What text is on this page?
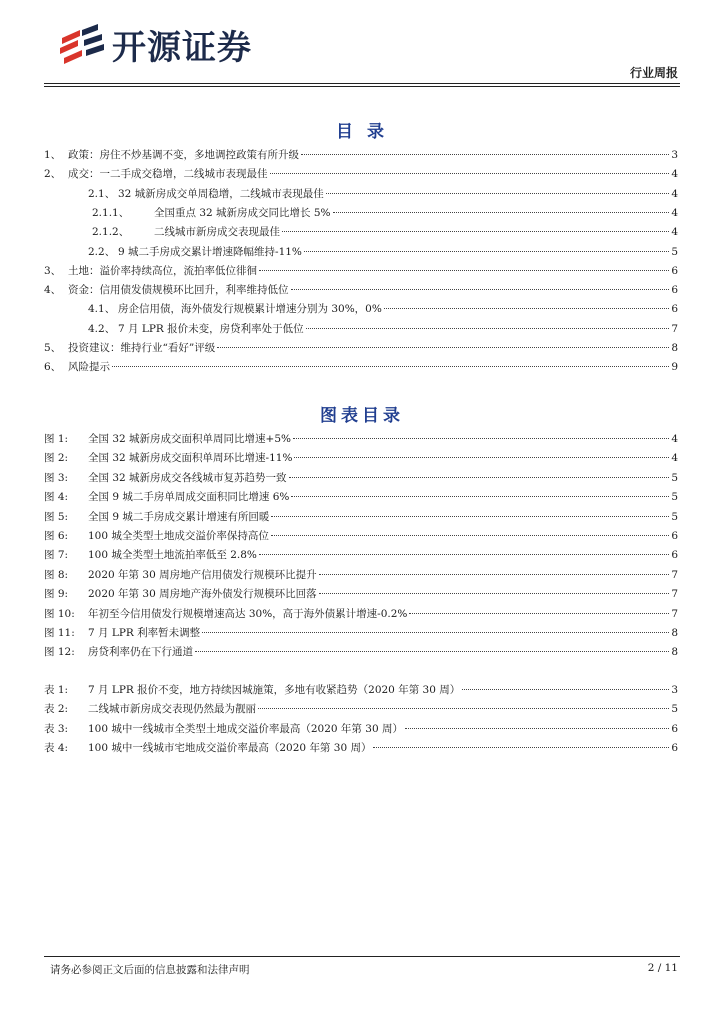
开源证券
行业周报
目 录
1、 政策：房住不炒基调不变，多地调控政策有所升级	3
2、 成交：一二手成交稳增，二线城市表现最佳	4
2.1、 32 城新房成交单周稳增，二线城市表现最佳	4
2.1.1、	全国重点 32 城新房成交同比增长 5%	4
2.1.2、	二线城市新房成交表现最佳	4
2.2、 9 城二手房成交累计增速降幅维持-11%	5
3、 土地：溢价率持续高位，流拍率低位徘徊	6
4、 资金：信用债发债规模环比回升，利率维持低位	6
4.1、 房企信用债，海外债发行规模累计增速分别为 30%，0%	6
4.2、 7 月 LPR 报价未变，房贷利率处于低位	7
5、 投资建议：维持行业“看好”评级	8
6、 风险提示	9
图表目录
图 1:	全国 32 城新房成交面积单周同比增速+5%	4
图 2:	全国 32 城新房成交面积单周环比增速-11%	4
图 3:	全国 32 城新房成交各线城市复苏趋势一致	5
图 4:	全国 9 城二手房单周成交面积同比增速 6%	5
图 5:	全国 9 城二手房成交累计增速有所回暖	5
图 6:	100 城全类型土地成交溢价率保持高位	6
图 7:	100 城全类型土地流拍率低至 2.8%	6
图 8:	2020 年第 30 周房地产信用债发行规模环比提升	7
图 9:	2020 年第 30 周房地产海外债发行规模环比回落	7
图 10:	年初至今信用债发行规模增速高达 30%，高于海外债累计增速-0.2%	7
图 11:	7 月 LPR 利率暂未调整	8
图 12:	房贷利率仍在下行通道	8
表 1:	7 月 LPR 报价不变，地方持续因城施策，多地有收紧趋势（2020 年第 30 周）	3
表 2:	二线城市新房成交表现仍然最为靓丽	5
表 3:	100 城中一线城市全类型土地成交溢价率最高（2020 年第 30 周）	6
表 4:	100 城中一线城市宅地成交溢价率最高（2020 年第 30 周）	6
请务必参阅正文后面的信息披露和法律声明	2 / 11
